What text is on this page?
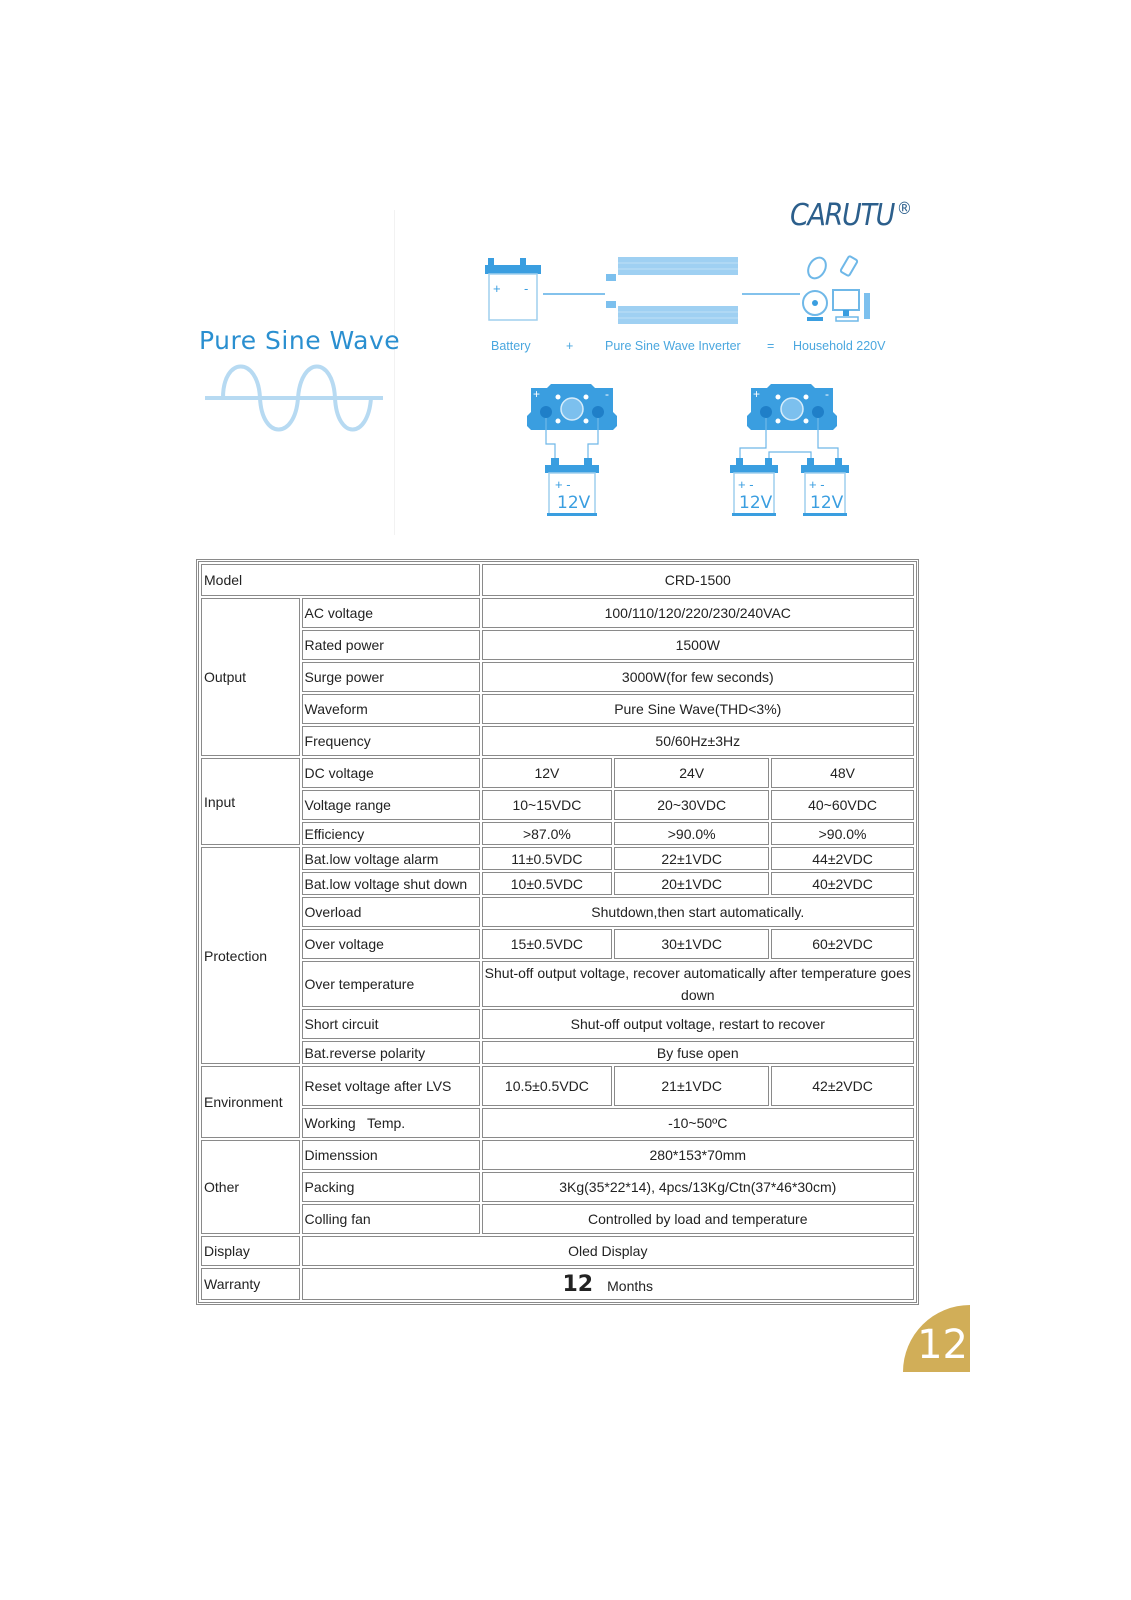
CARUTU ®
Pure Sine Wave
+ -
Battery	+	Pure Sine Wave Inverter = Household 220V
+	-
+ -
12V
+	-
+ -
12V
+ -
12V
Model		CRD-1500		
Output	AC voltage	100/110/120/220/230/240VAC		
	Rated power	1500W		
	Surge power	3000W(for few seconds)		
	Waveform	Pure Sine Wave(THD<3%)		
	Frequency	50/60Hz±3Hz		
Input	DC voltage	12V	24V	48V
	Voltage range	10~15VDC	20~30VDC	40~60VDC
	Efficiency	>87.0%	>90.0%	>90.0%
Protection	Bat.low voltage alarm	11±0.5VDC	22±1VDC	44±2VDC
	Bat.low voltage shut down	10±0.5VDC	20±1VDC	40±2VDC
	Overload	Shutdown,then start automatically.		
	Over voltage	15±0.5VDC	30±1VDC	60±2VDC
	Over temperature	Shut-off output voltage, recover automatically after temperature goes down		
	Short circuit	Shut-off output voltage, restart to recover		
	Bat.reverse polarity	By fuse open		
Environment	Reset voltage after LVS	10.5±0.5VDC	21±1VDC	42±2VDC
	Working   Temp.	-10~50ºC		
Other	Dimenssion	280*153*70mm		
	Packing	3Kg(35*22*14), 4pcs/13Kg/Ctn(37*46*30cm)		
	Colling fan	Controlled by load and temperature		
Display	Oled Display			
Warranty	12 Months			
12
